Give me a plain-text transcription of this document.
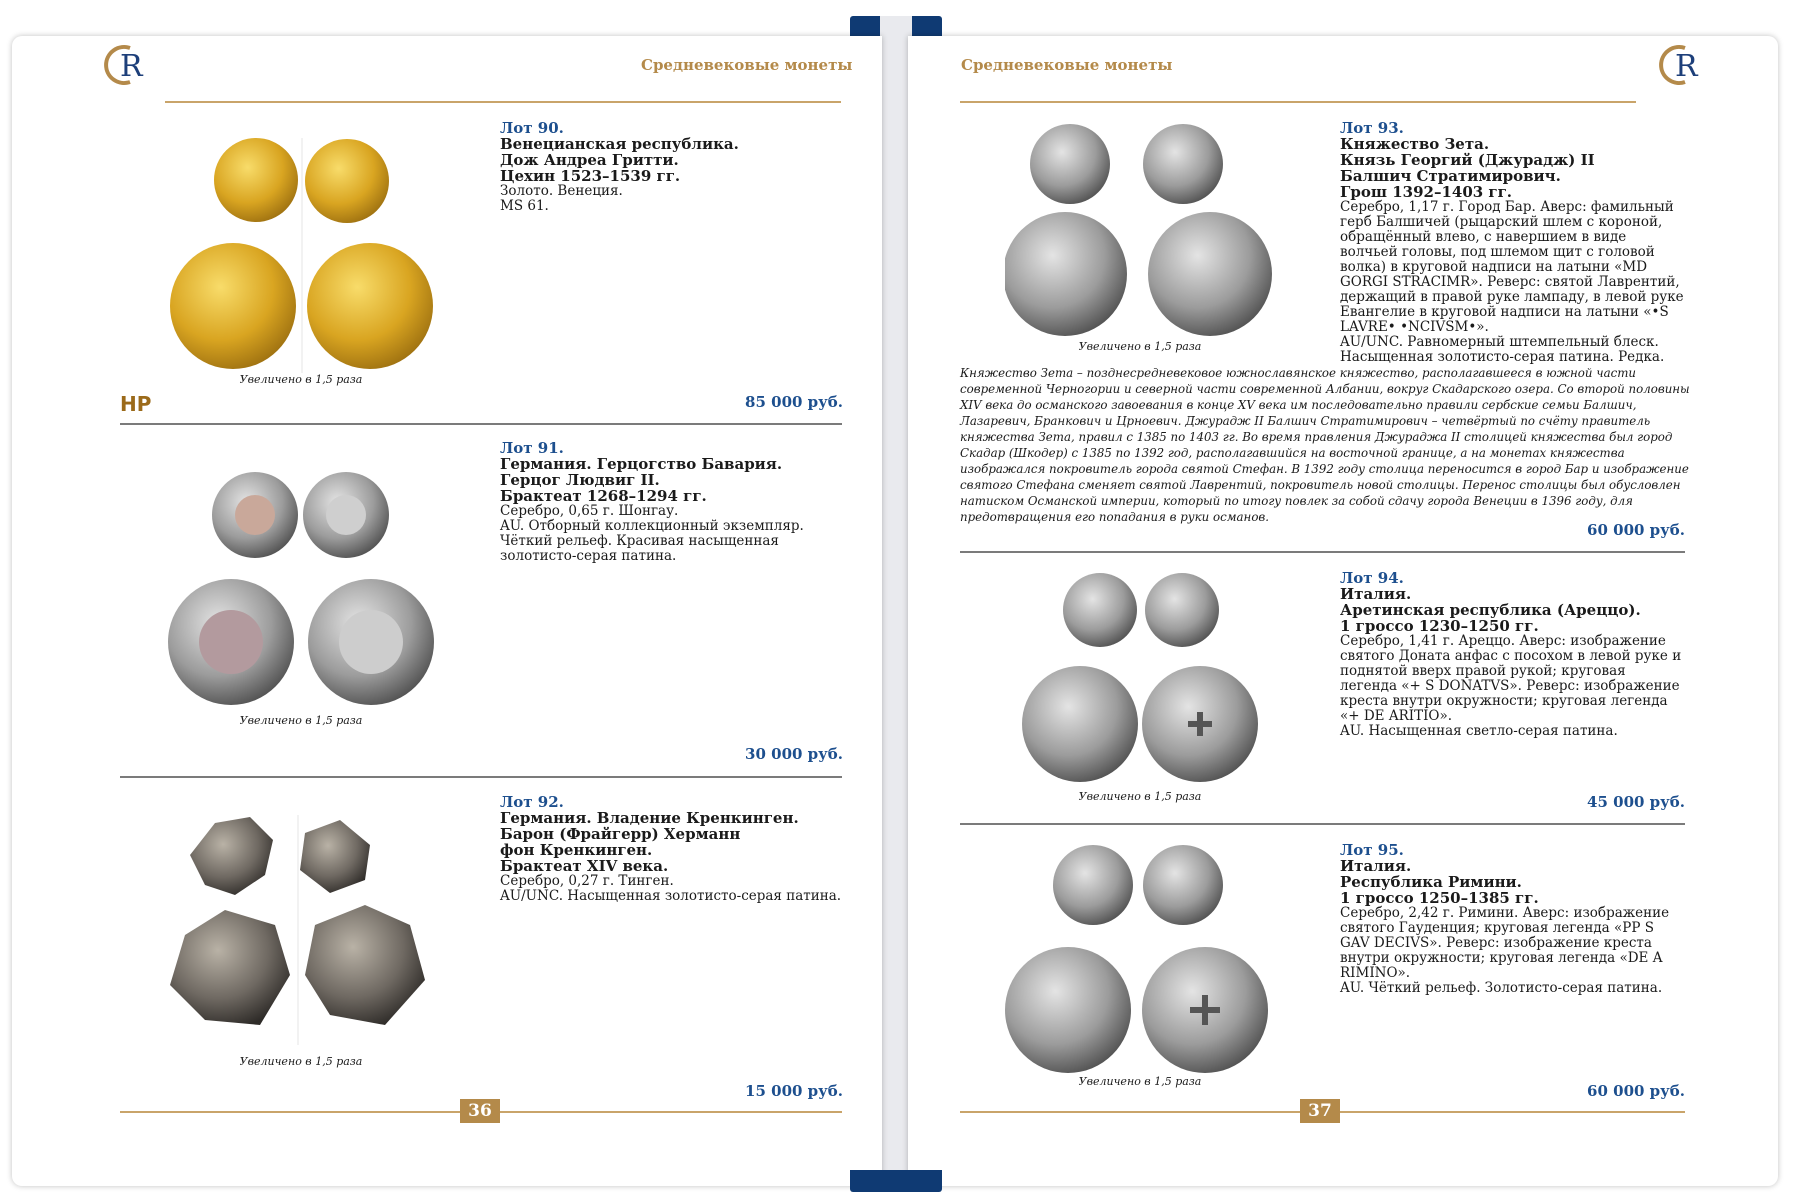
R	Средневековые монеты	Средневековые монеты	R
Увеличено в 1,5 раза
Лот 90.
Венецианская республика.
Дож Андреа Гритти.
Цехин 1523–1539 гг.
Золото. Венеция.
MS 61.
HP	85 000 руб.
Увеличено в 1,5 раза
Лот 91.
Германия. Герцогство Бавария.
Герцог Людвиг II.
Брактеат 1268–1294 гг.
Серебро, 0,65 г. Шонгау.
AU. Отборный коллекционный экземпляр. Чёткий рельеф. Красивая насыщенная золотисто-серая патина.
30 000 руб.
Увеличено в 1,5 раза
Лот 92.
Германия. Владение Кренкинген.
Барон (Фрайгерр) Херманн
фон Кренкинген.
Брактеат XIV века.
Серебро, 0,27 г. Тинген.
AU/UNC. Насыщенная золотисто-серая патина.
15 000 руб.
36
Увеличено в 1,5 раза
Лот 93.
Княжество Зета.
Князь Георгий (Джурадж) II
Балшич Стратимирович.
Грош 1392–1403 гг.
Серебро, 1,17 г. Город Бар. Аверс: фамильный герб Балшичей (рыцарский шлем с короной, обращённый влево, с навершием в виде волчьей головы, под шлемом щит с головой волка) в круговой надписи на латыни «MD GORGI STRACIMR». Реверс: святой Лаврентий, держащий в правой руке лампаду, в левой руке Евангелие в круговой надписи на латыни «•S LAVRE• •NCIVSM•».
AU/UNC. Равномерный штемпельный блеск. Насыщенная золотисто-серая патина. Редка.
Княжество Зета – позднесредневековое южнославянское княжество, располагавшееся в южной части современной Черногории и северной части современной Албании, вокруг Скадарского озера. Со второй половины XIV века до османского завоевания в конце XV века им последовательно правили сербские семьи Балшич, Лазаревич, Бранкович и Црноевич. Джурадж II Балшич Стратимирович – четвёртый по счёту правитель княжества Зета, правил с 1385 по 1403 гг. Во время правления Джураджа II столицей княжества был город Скадар (Шкодер) с 1385 по 1392 год, располагавшийся на восточной границе, а на монетах княжества изображался покровитель города святой Стефан. В 1392 году столица переносится в город Бар и изображение святого Стефана сменяет святой Лаврентий, покровитель новой столицы. Перенос столицы был обусловлен натиском Османской империи, который по итогу повлек за собой сдачу города Венеции в 1396 году, для предотвращения его попадания в руки османов.
60 000 руб.
Увеличено в 1,5 раза
Лот 94.
Италия.
Аретинская республика (Ареццо).
1 гроссо 1230–1250 гг.
Серебро, 1,41 г. Ареццо. Аверс: изображение святого Доната анфас с посохом в левой руке и поднятой вверх правой рукой; круговая легенда «+ S DONATVS». Реверс: изображение креста внутри окружности; круговая легенда «+ DE ARITIO».
AU. Насыщенная светло-серая патина.
45 000 руб.
Увеличено в 1,5 раза
Лот 95.
Италия.
Республика Римини.
1 гроссо 1250–1385 гг.
Серебро, 2,42 г. Римини. Аверс: изображение святого Гауденция; круговая легенда «PP S GAV DECIVS». Реверс: изображение креста внутри окружности; круговая легенда «DE A RIMINO».
AU. Чёткий рельеф. Золотисто-серая патина.
60 000 руб.
37
